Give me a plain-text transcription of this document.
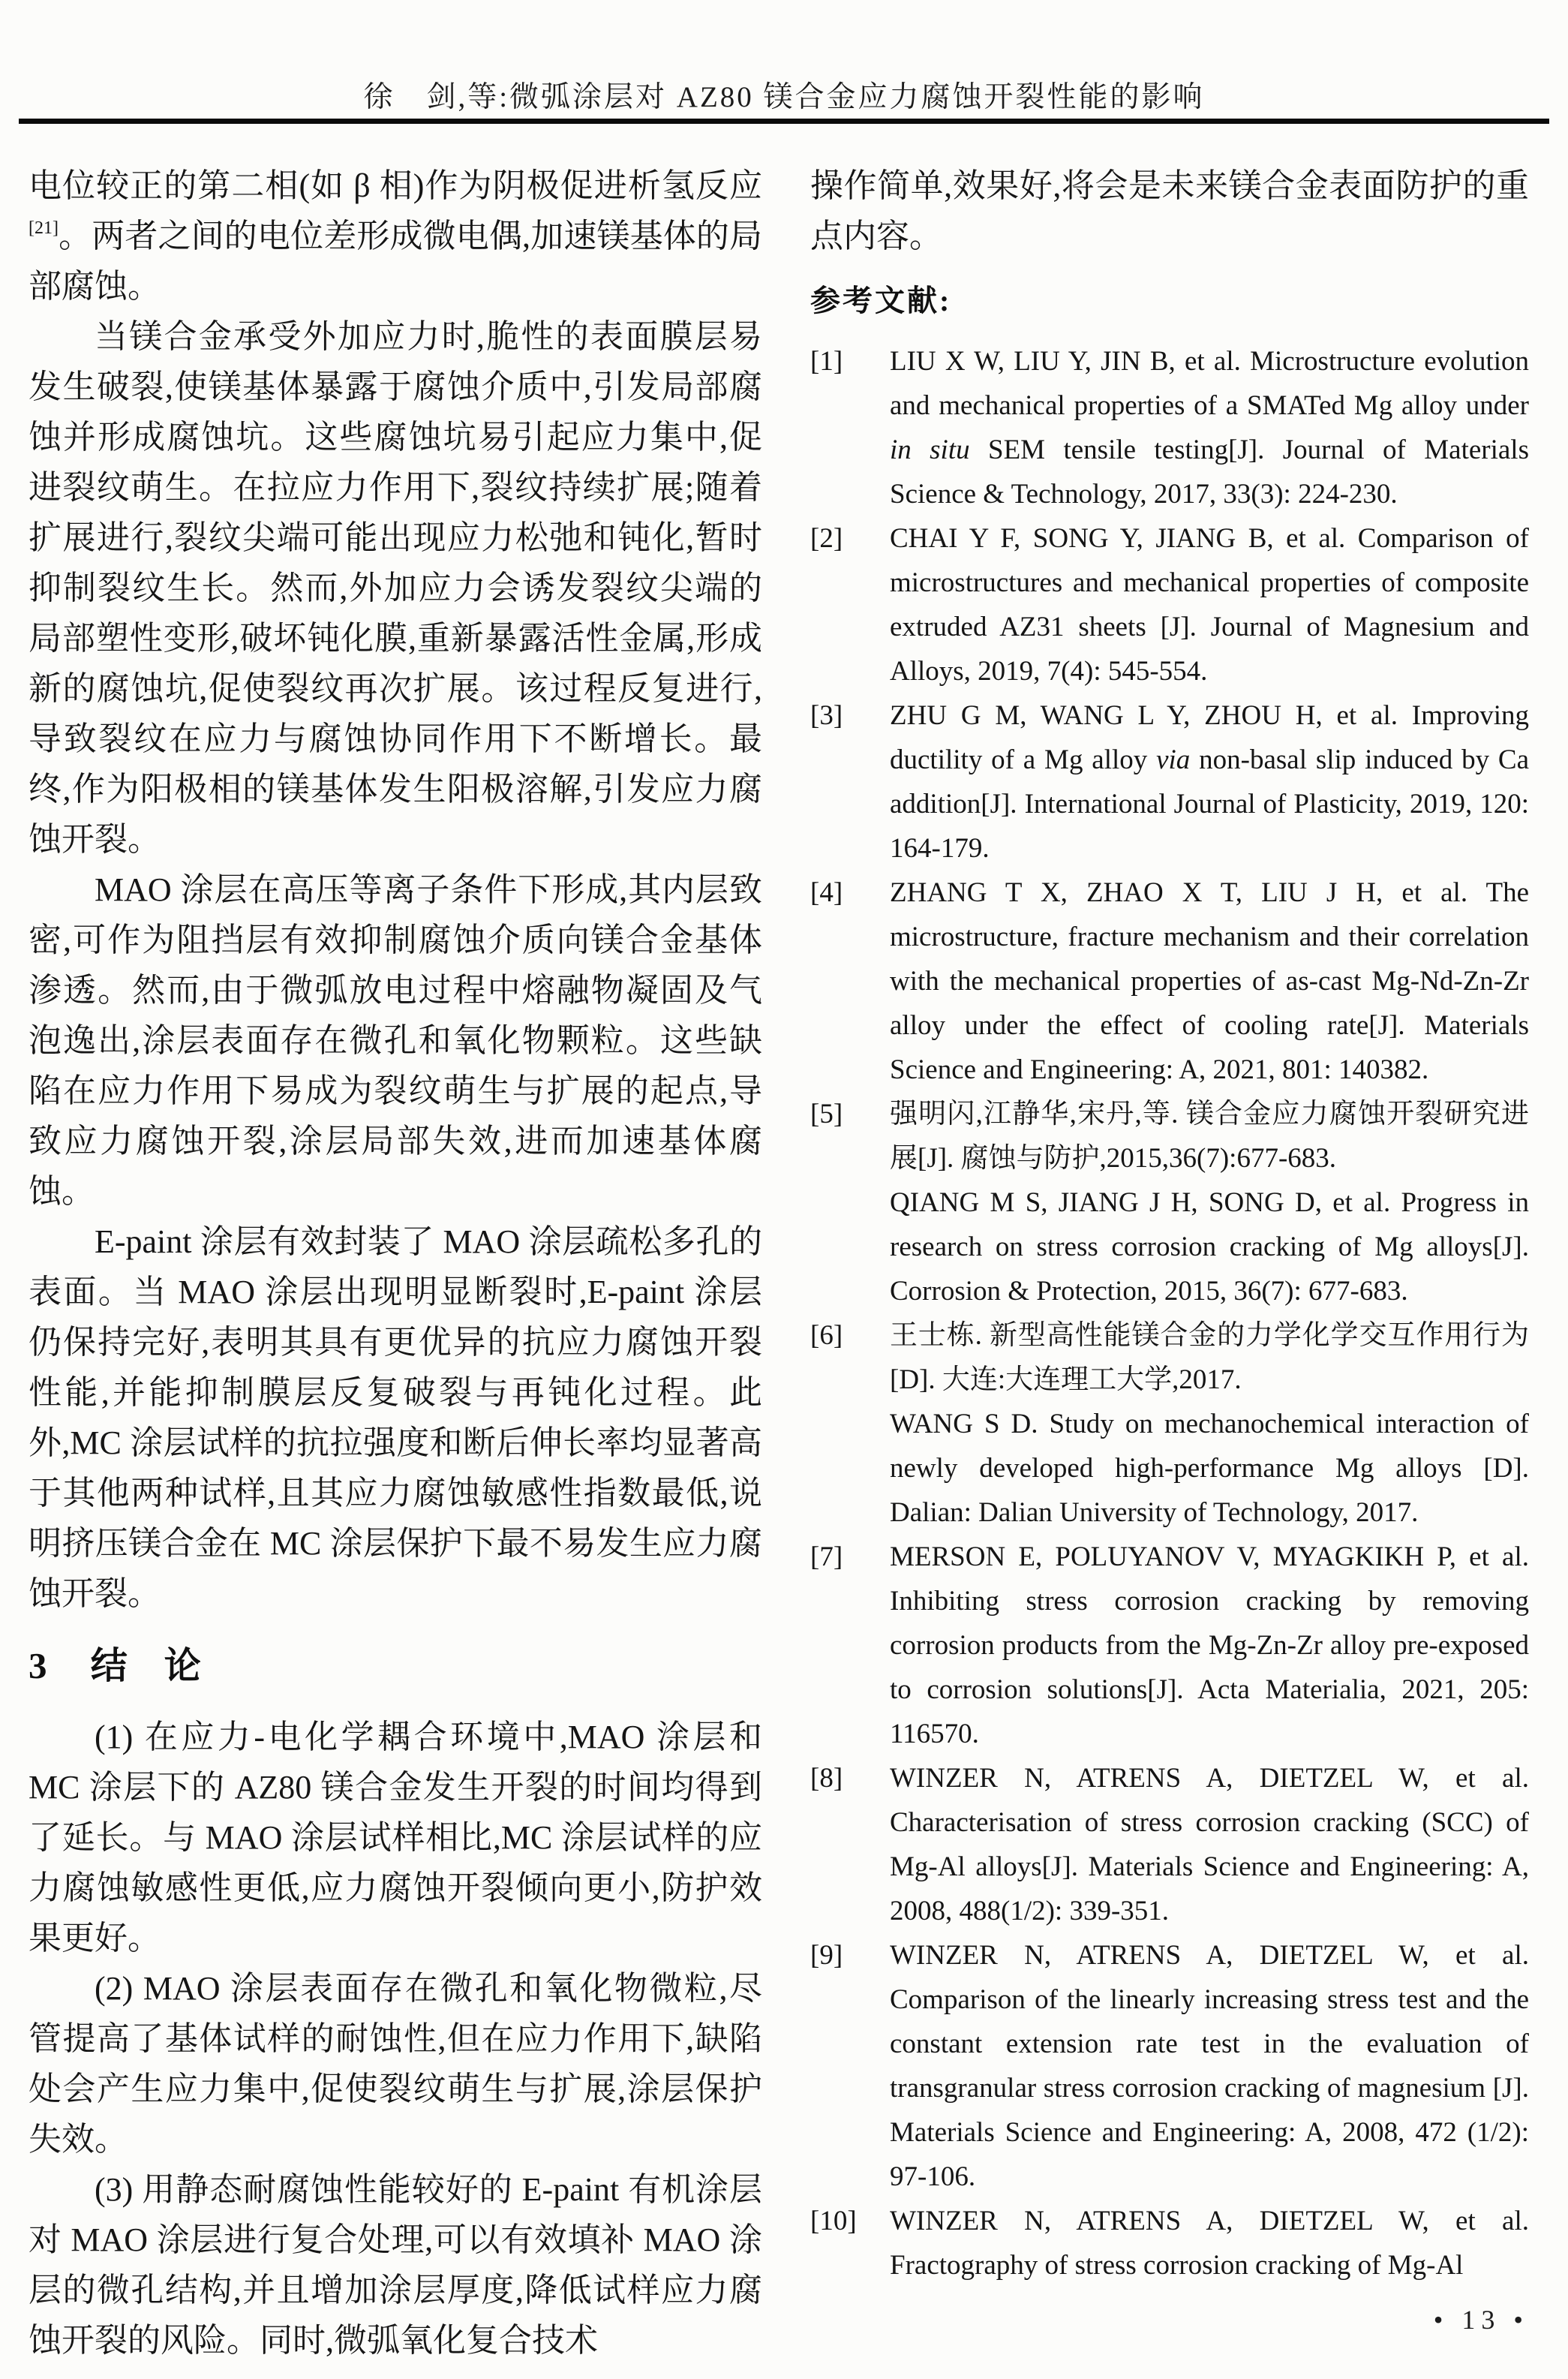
徐　剑,等:微弧涂层对 AZ80 镁合金应力腐蚀开裂性能的影响

电位较正的第二相(如 β 相)作为阴极促进析氢反应[21]。两者之间的电位差形成微电偶,加速镁基体的局部腐蚀。

当镁合金承受外加应力时,脆性的表面膜层易发生破裂,使镁基体暴露于腐蚀介质中,引发局部腐蚀并形成腐蚀坑。这些腐蚀坑易引起应力集中,促进裂纹萌生。在拉应力作用下,裂纹持续扩展;随着扩展进行,裂纹尖端可能出现应力松弛和钝化,暂时抑制裂纹生长。然而,外加应力会诱发裂纹尖端的局部塑性变形,破坏钝化膜,重新暴露活性金属,形成新的腐蚀坑,促使裂纹再次扩展。该过程反复进行,导致裂纹在应力与腐蚀协同作用下不断增长。最终,作为阳极相的镁基体发生阳极溶解,引发应力腐蚀开裂。

MAO 涂层在高压等离子条件下形成,其内层致密,可作为阻挡层有效抑制腐蚀介质向镁合金基体渗透。然而,由于微弧放电过程中熔融物凝固及气泡逸出,涂层表面存在微孔和氧化物颗粒。这些缺陷在应力作用下易成为裂纹萌生与扩展的起点,导致应力腐蚀开裂,涂层局部失效,进而加速基体腐蚀。

E-paint 涂层有效封装了 MAO 涂层疏松多孔的表面。当 MAO 涂层出现明显断裂时,E-paint 涂层仍保持完好,表明其具有更优异的抗应力腐蚀开裂性能,并能抑制膜层反复破裂与再钝化过程。此外,MC 涂层试样的抗拉强度和断后伸长率均显著高于其他两种试样,且其应力腐蚀敏感性指数最低,说明挤压镁合金在 MC 涂层保护下最不易发生应力腐蚀开裂。

3 结　论

(1) 在应力-电化学耦合环境中,MAO 涂层和 MC 涂层下的 AZ80 镁合金发生开裂的时间均得到了延长。与 MAO 涂层试样相比,MC 涂层试样的应力腐蚀敏感性更低,应力腐蚀开裂倾向更小,防护效果更好。

(2) MAO 涂层表面存在微孔和氧化物微粒,尽管提高了基体试样的耐蚀性,但在应力作用下,缺陷处会产生应力集中,促使裂纹萌生与扩展,涂层保护失效。

(3) 用静态耐腐蚀性能较好的 E-paint 有机涂层对 MAO 涂层进行复合处理,可以有效填补 MAO 涂层的微孔结构,并且增加涂层厚度,降低试样应力腐蚀开裂的风险。同时,微弧氧化复合技术

操作简单,效果好,将会是未来镁合金表面防护的重点内容。

参考文献:
[1] LIU X W, LIU Y, JIN B, et al. Microstructure evolution and mechanical properties of a SMATed Mg alloy under in situ SEM tensile testing[J]. Journal of Materials Science & Technology, 2017, 33(3): 224-230.

[2] CHAI Y F, SONG Y, JIANG B, et al. Comparison of microstructures and mechanical properties of composite extruded AZ31 sheets [J]. Journal of Magnesium and Alloys, 2019, 7(4): 545-554.

[3] ZHU G M, WANG L Y, ZHOU H, et al. Improving ductility of a Mg alloy via non-basal slip induced by Ca addition[J]. International Journal of Plasticity, 2019, 120: 164-179.

[4] ZHANG T X, ZHAO X T, LIU J H, et al. The microstructure, fracture mechanism and their correlation with the mechanical properties of as-cast Mg-Nd-Zn-Zr alloy under the effect of cooling rate[J]. Materials Science and Engineering: A, 2021, 801: 140382.

[5] 强明闪,江静华,宋丹,等. 镁合金应力腐蚀开裂研究进展[J]. 腐蚀与防护,2015,36(7):677-683.

QIANG M S, JIANG J H, SONG D, et al. Progress in research on stress corrosion cracking of Mg alloys[J]. Corrosion & Protection, 2015, 36(7): 677-683.

[6] 王士栋. 新型高性能镁合金的力学化学交互作用行为[D]. 大连:大连理工大学,2017.

WANG S D. Study on mechanochemical interaction of newly developed high-performance Mg alloys [D]. Dalian: Dalian University of Technology, 2017.

[7] MERSON E, POLUYANOV V, MYAGKIKH P, et al. Inhibiting stress corrosion cracking by removing corrosion products from the Mg-Zn-Zr alloy pre-exposed to corrosion solutions[J]. Acta Materialia, 2021, 205: 116570.

[8] WINZER N, ATRENS A, DIETZEL W, et al. Characterisation of stress corrosion cracking (SCC) of Mg-Al alloys[J]. Materials Science and Engineering: A, 2008, 488(1/2): 339-351.

[9] WINZER N, ATRENS A, DIETZEL W, et al. Comparison of the linearly increasing stress test and the constant extension rate test in the evaluation of transgranular stress corrosion cracking of magnesium [J]. Materials Science and Engineering: A, 2008, 472 (1/2): 97-106.

[10] WINZER N, ATRENS A, DIETZEL W, et al. Fractography of stress corrosion cracking of Mg-Al

• 13 •
